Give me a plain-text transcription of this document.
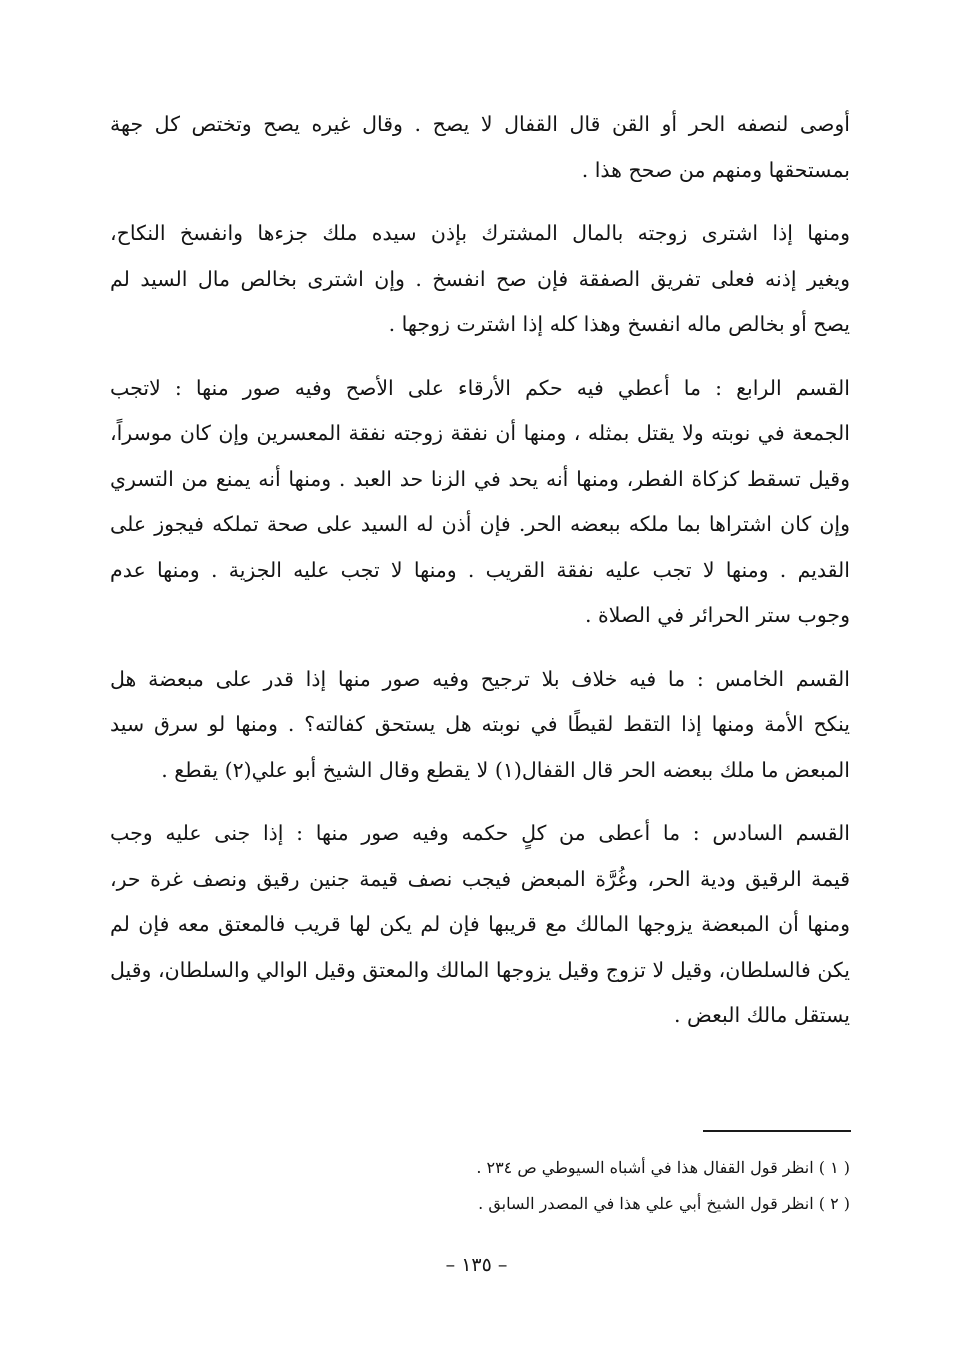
أوصى لنصفه الحر أو القن قال القفال لا يصح . وقال غيره يصح وتختص كل جهة
بمستحقها ومنهم من صحح هذا .

ومنها إذا اشترى زوجته بالمال المشترك بإذن سيده ملك جزءها وانفسخ النكاح،
ويغير إذنه فعلى تفريق الصفقة فإن صح انفسخ . وإن اشترى بخالص مال السيد لم
يصح أو بخالص ماله انفسخ وهذا كله إذا اشترت زوجها .

القسم الرابع : ما أعطي فيه حكم الأرقاء على الأصح وفيه صور منها : لاتجب
الجمعة في نوبته ولا يقتل بمثله ، ومنها أن نفقة زوجته نفقة المعسرين وإن كان موسراً،
وقيل تسقط كزكاة الفطر، ومنها أنه يحد في الزنا حد العبد . ومنها أنه يمنع من التسري
وإن كان اشتراها بما ملكه ببعضه الحر. فإن أذن له السيد على صحة تملكه فيجوز على
القديم . ومنها لا تجب عليه نفقة القريب . ومنها لا تجب عليه الجزية . ومنها عدم
وجوب ستر الحرائر في الصلاة .

القسم الخامس : ما فيه خلاف بلا ترجيح وفيه صور منها إذا قدر على مبعضة هل
ينكح الأمة ومنها إذا التقط لقيطًا في نوبته هل يستحق كفالته؟ . ومنها لو سرق سيد
المبعض ما ملك ببعضه الحر قال القفال(١) لا يقطع وقال الشيخ أبو علي(٢) يقطع .

القسم السادس : ما أعطى من كلٍ حكمه وفيه صور منها : إذا جنى عليه وجب
قيمة الرقيق ودية الحر، وغُرَّة المبعض فيجب نصف قيمة جنين رقيق ونصف غرة حر،
ومنها أن المبعضة يزوجها المالك مع قريبها فإن لم يكن لها قريب فالمعتق معه فإن لم
يكن فالسلطان، وقيل لا تزوج وقيل يزوجها المالك والمعتق وقيل الوالي والسلطان، وقيل
يستقل مالك البعض .

( ١ ) انظر قول القفال هذا في أشباه السيوطي ص ٢٣٤ .
( ٢ ) انظر قول الشيخ أبي علي هذا في المصدر السابق .
– ١٣٥ –
